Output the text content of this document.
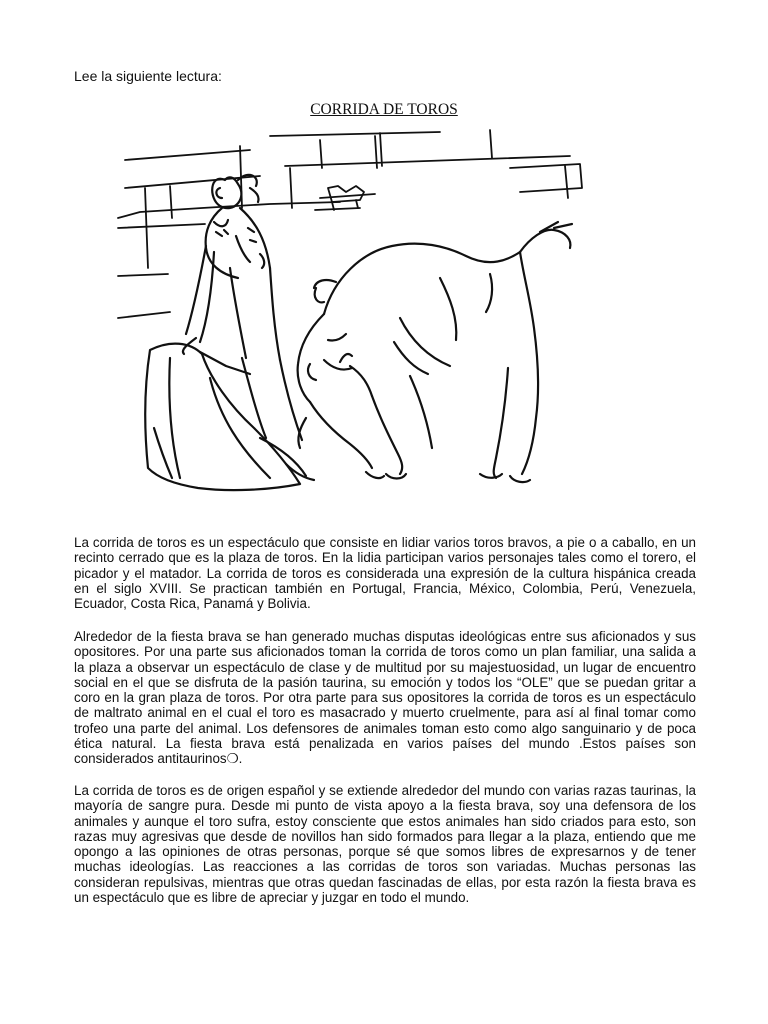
Lee la siguiente lectura:

CORRIDA DE TOROS

La corrida de toros es un espectáculo que consiste en lidiar varios toros bravos, a pie o a caballo, en un recinto cerrado que es la plaza de toros. En la lidia participan varios personajes tales como el torero, el picador y el matador. La corrida de toros es considerada una expresión de la cultura hispánica creada en el siglo XVIII. Se practican también en Portugal, Francia, México, Colombia, Perú, Venezuela, Ecuador, Costa Rica, Panamá y Bolivia.

Alrededor de la fiesta brava se han generado muchas disputas ideológicas entre sus aficionados y sus opositores. Por una parte sus aficionados toman la corrida de toros como un plan familiar, una salida a la plaza a observar un espectáculo de clase y de multitud por su majestuosidad, un lugar de encuentro social en el que se disfruta de la pasión taurina, su emoción y todos los “OLE” que se puedan gritar a coro en la gran plaza de toros. Por otra parte para sus opositores la corrida de toros es un espectáculo de maltrato animal en el cual el toro es masacrado y muerto cruelmente, para así al final tomar como trofeo una parte del animal. Los defensores de animales toman esto como algo sanguinario y de poca ética natural. La fiesta brava está penalizada en varios países del mundo .Estos países son considerados antitaurinos❍.

La corrida de toros es de origen español y se extiende alrededor del mundo con varias razas taurinas, la mayoría de sangre pura. Desde mi punto de vista apoyo a la fiesta brava, soy una defensora de los animales y aunque el toro sufra, estoy consciente que estos animales han sido criados para esto, son razas muy agresivas que desde de novillos han sido formados para llegar a la plaza, entiendo que me opongo a las opiniones de otras personas, porque sé que somos libres de expresarnos y de tener muchas ideologías. Las reacciones a las corridas de toros son variadas. Muchas personas las consideran repulsivas, mientras que otras quedan fascinadas de ellas, por esta razón la fiesta brava es un espectáculo que es libre de apreciar y juzgar en todo el mundo.
